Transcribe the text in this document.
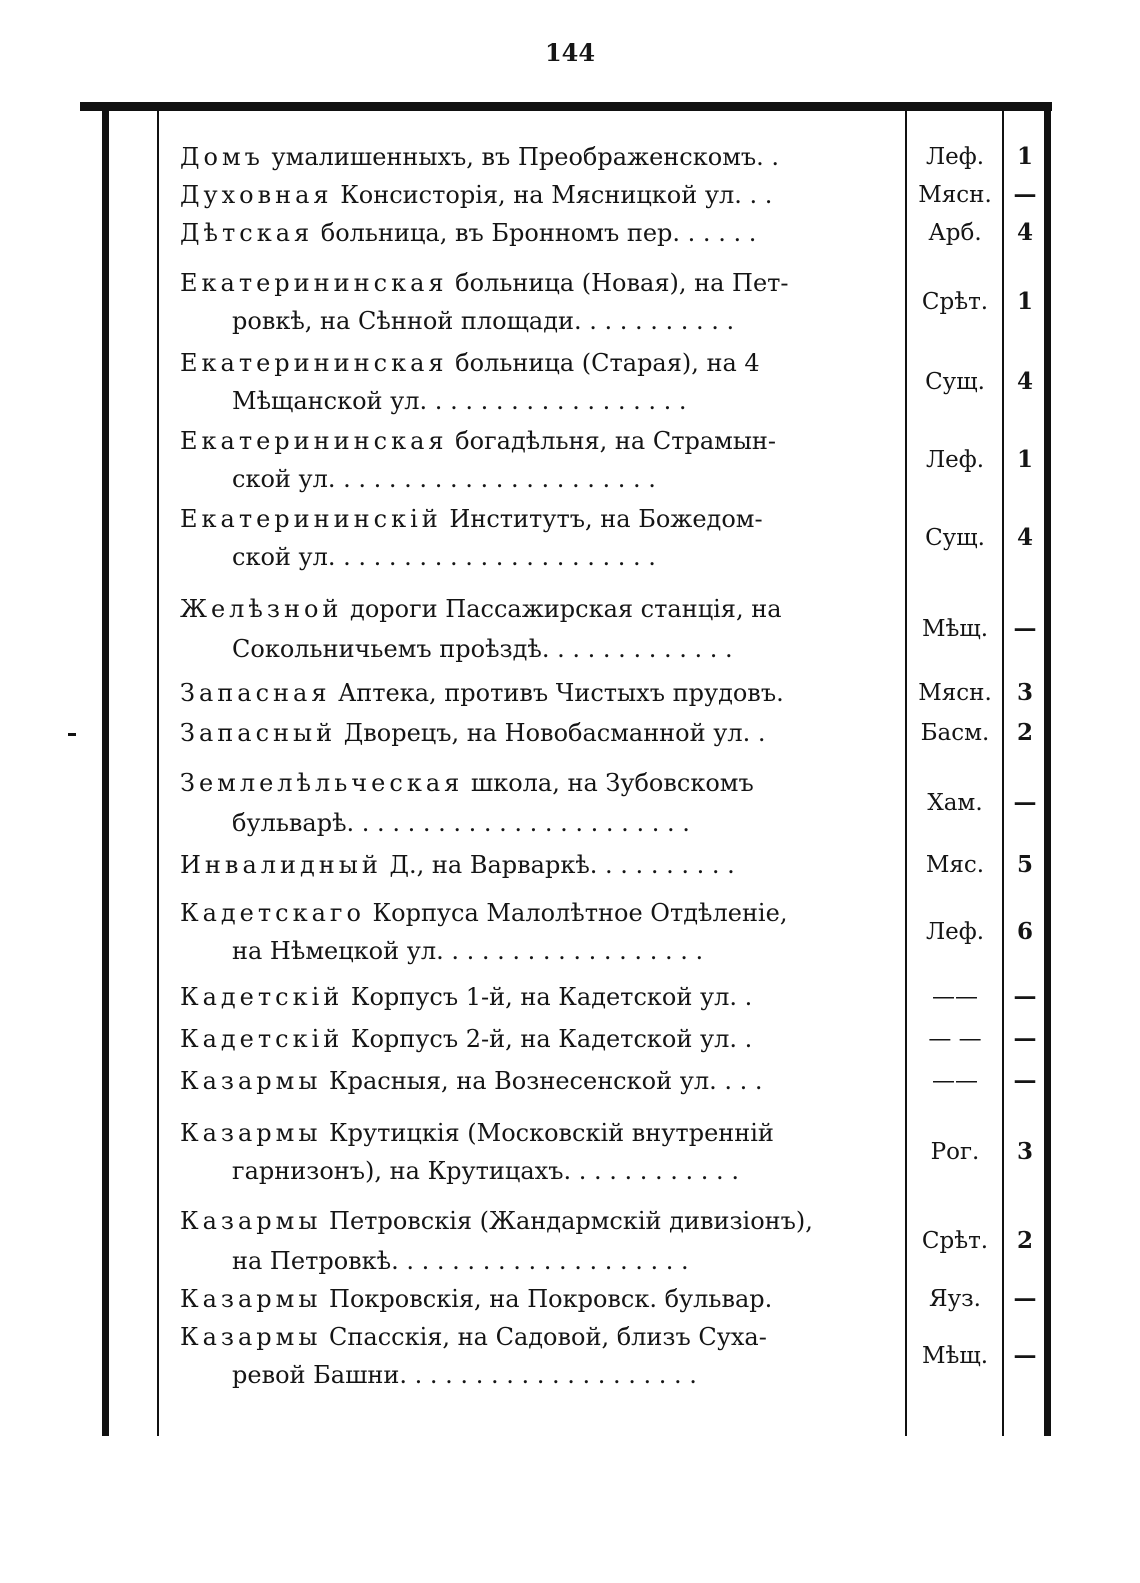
144
Домъ умалишенныхъ, въ Преображенскомъ. .	Леф.	1
Духовная Консисторія, на Мясницкой ул. . .	Мясн. —
Дѣтская больница, въ Бронномъ пер. . . . . .	Арб.	4
Екатерининская больница (Новая), на Пет-
ровкѣ, на Сѣнной площади. . . . . . . . . . .
Срѣт.	1
Екатерининская больница (Старая), на 4
Мѣщанской ул. . . . . . . . . . . . . . . . . .
Сущ.	4
Екатерининская богадѣльня, на Страмын-
ской ул. . . . . . . . . . . . . . . . . . . . . .
Леф.	1
Екатерининскій Институтъ, на Божедом-
ской ул. . . . . . . . . . . . . . . . . . . . . .
Сущ.	4
Желѣзной дороги Пассажирская станція, на
Сокольничьемъ проѣздѣ. . . . . . . . . . . . .
Мѣщ.	—
Запасная Аптека, противъ Чистыхъ прудовъ.	Мясн.	3
Запасный Дворецъ, на Новобасманной ул. .	Басм.	2
Землелѣльческая школа, на Зубовскомъ
бульварѣ. . . . . . . . . . . . . . . . . . . . . . .
Хам.	—
Инвалидный Д., на Варваркѣ. . . . . . . . . .	Мяс.	5
Кадетскаго Корпуса Малолѣтное Отдѣленіе,
на Нѣмецкой ул. . . . . . . . . . . . . . . . . .
Леф.	6
Кадетскій Корпусъ 1-й, на Кадетской ул. .	——	—
Кадетскій Корпусъ 2-й, на Кадетской ул. .	— —	—
Казармы Красныя, на Вознесенской ул. . . .	——	—
Казармы Крутицкія (Московскій внутренній
гарнизонъ), на Крутицахъ. . . . . . . . . . . .
Рог.	3
Казармы Петровскія (Жандармскій дивизіонъ),
на Петровкѣ. . . . . . . . . . . . . . . . . . . .
Срѣт.	2
Казармы Покровскія, на Покровск. бульвар.	Яуз.	—
Казармы Спасскія, на Садовой, близъ Суха-
ревой Башни. . . . . . . . . . . . . . . . . . . .
Мѣщ.	—
